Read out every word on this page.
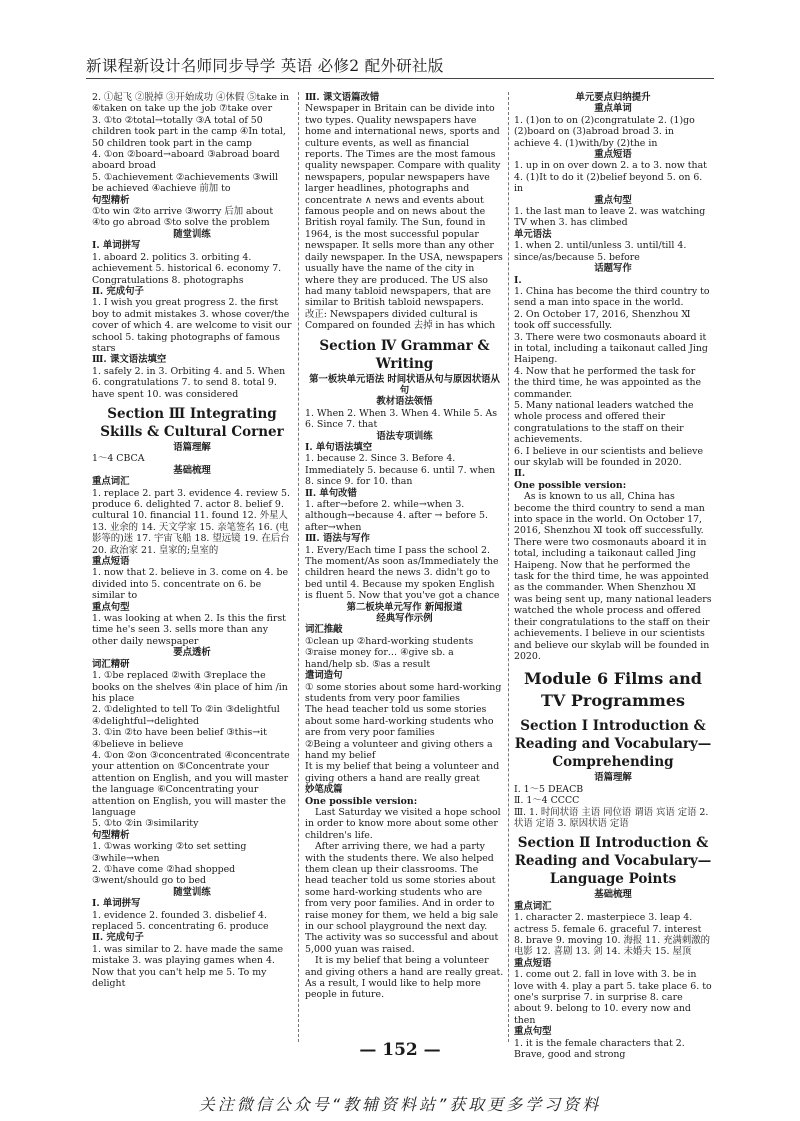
新课程新设计名师同步导学 英语 必修2 配外研社版
2. ①起飞 ②脱掉 ③开始成功 ④休假 ⑤take in ⑥taken on take up the job ⑦take over
3. ①to ②total→totally ③A total of 50 children took part in the camp ④In total, 50 children took part in the camp
4. ①on ②board→aboard ③abroad board aboard broad
5. ①achievement ②achievements ③will be achieved ④achieve 前加 to
句型精析
①to win ②to arrive ③worry 后加 about ④to go abroad ⑤to solve the problem
随堂训练
Ⅰ. 单词拼写
1. aboard 2. politics 3. orbiting 4. achievement 5. historical 6. economy 7. Congratulations 8. photographs
Ⅱ. 完成句子
1. I wish you great progress 2. the first boy to admit mistakes 3. whose cover/the cover of which 4. are welcome to visit our school 5. taking photographs of famous stars
Ⅲ. 课文语法填空
1. safely 2. in 3. Orbiting 4. and 5. When 6. congratulations 7. to send 8. total 9. have spent 10. was considered
Section Ⅲ Integrating Skills & Cultural Corner
语篇理解
1～4 CBCA
基础梳理
重点词汇
1. replace 2. part 3. evidence 4. review 5. produce 6. delighted 7. actor 8. belief 9. cultural 10. financial 11. found 12. 外星人 13. 业余的 14. 天文学家 15. 亲笔签名 16. (电影等的)迷 17. 宇宙飞船 18. 望远镜 19. 在后台 20. 政治家 21. 皇家的;皇室的
重点短语
1. now that 2. believe in 3. come on 4. be divided into 5. concentrate on 6. be similar to
重点句型
1. was looking at when 2. Is this the first time he's seen 3. sells more than any other daily newspaper
要点透析
词汇精研
1. ①be replaced ②with ③replace the books on the shelves ④in place of him /in his place
2. ①delighted to tell To ②in ③delightful ④delightful→delighted
3. ①in ②to have been belief ③this→it ④believe in believe
4. ①on ②on ③concentrated ④concentrate your attention on ⑤Concentrate your attention on English, and you will master the language ⑥Concentrating your attention on English, you will master the language
5. ①to ②in ③similarity
句型精析
1. ①was working ②to set setting ③while→when
2. ①have come ②had shopped ③went/should go to bed
随堂训练
Ⅰ. 单词拼写
1. evidence 2. founded 3. disbelief 4. replaced 5. concentrating 6. produce
Ⅱ. 完成句子
1. was similar to 2. have made the same mistake 3. was playing games when 4. Now that you can't help me 5. To my delight
Ⅲ. 课文语篇改错
Newspaper in Britain can be divide into two types. Quality newspapers have home and international news, sports and culture events, as well as financial reports. The Times are the most famous quality newspaper. Compare with quality newspapers, popular newspapers have larger headlines, photographs and concentrate ∧ news and events about famous people and on news about the British royal family. The Sun, found in 1964, is the most successful popular newspaper. It sells more than any other daily newspaper. In the USA, newspapers usually have the name of the city in where they are produced. The US also had many tabloid newspapers, that are similar to British tabloid newspapers.
改正: Newspapers divided cultural is Compared on founded 去掉 in has which
Section Ⅳ Grammar & Writing
第一板块单元语法 时间状语从句与原因状语从句
教材语法领悟
1. When 2. When 3. When 4. While 5. As 6. Since 7. that
语法专项训练
Ⅰ. 单句语法填空
1. because 2. Since 3. Before 4. Immediately 5. because 6. until 7. when 8. since 9. for 10. than
Ⅱ. 单句改错
1. after→before 2. while→when 3. although→because 4. after → before 5. after→when
Ⅲ. 语法与写作
1. Every/Each time I pass the school 2. The moment/As soon as/Immediately the children heard the news 3. didn't go to bed until 4. Because my spoken English is fluent 5. Now that you've got a chance
第二板块单元写作 新闻报道
经典写作示例
词汇推敲
①clean up ②hard-working students ③raise money for… ④give sb. a hand/help sb. ⑤as a result
遣词造句
① some stories about some hard-working students from very poor families
The head teacher told us some stories about some hard-working students who are from very poor families
②Being a volunteer and giving others a hand my belief
It is my belief that being a volunteer and giving others a hand are really great
妙笔成篇
One possible version:
Last Saturday we visited a hope school in order to know more about some other children's life.
After arriving there, we had a party with the students there. We also helped them clean up their classrooms. The head teacher told us some stories about some hard-working students who are from very poor families. And in order to raise money for them, we held a big sale in our school playground the next day. The activity was so successful and about 5,000 yuan was raised.
It is my belief that being a volunteer and giving others a hand are really great. As a result, I would like to help more people in future.
单元要点归纳提升
重点单词
1. (1)on to on (2)congratulate 2. (1)go (2)board on (3)abroad broad 3. in achieve 4. (1)with/by (2)the in
重点短语
1. up in on over down 2. a to 3. now that 4. (1)It to do it (2)belief beyond 5. on 6. in
重点句型
1. the last man to leave 2. was watching TV when 3. has climbed
单元语法
1. when 2. until/unless 3. until/till 4. since/as/because 5. before
话题写作
Ⅰ.
1. China has become the third country to send a man into space in the world.
2. On October 17, 2016, Shenzhou Ⅺ took off successfully.
3. There were two cosmonauts aboard it in total, including a taikonaut called Jing Haipeng.
4. Now that he performed the task for the third time, he was appointed as the commander.
5. Many national leaders watched the whole process and offered their congratulations to the staff on their achievements.
6. I believe in our scientists and believe our skylab will be founded in 2020.
Ⅱ.
One possible version:
As is known to us all, China has become the third country to send a man into space in the world. On October 17, 2016, Shenzhou Ⅺ took off successfully. There were two cosmonauts aboard it in total, including a taikonaut called Jing Haipeng. Now that he performed the task for the third time, he was appointed as the commander. When Shenzhou Ⅺ was being sent up, many national leaders watched the whole process and offered their congratulations to the staff on their achievements. I believe in our scientists and believe our skylab will be founded in 2020.
Module 6 Films and TV Programmes
Section Ⅰ Introduction & Reading and Vocabulary—Comprehending
语篇理解
Ⅰ. 1～5 DEACB
Ⅱ. 1～4 CCCC
Ⅲ. 1. 时间状语 主语 同位语 谓语 宾语 定语 2. 状语 定语 3. 原因状语 定语
Section Ⅱ Introduction & Reading and Vocabulary—Language Points
基础梳理
重点词汇
1. character 2. masterpiece 3. leap 4. actress 5. female 6. graceful 7. interest 8. brave 9. moving 10. 海报 11. 充满刺激的电影 12. 喜剧 13. 剑 14. 未婚夫 15. 屋顶
重点短语
1. come out 2. fall in love with 3. be in love with 4. play a part 5. take place 6. to one's surprise 7. in surprise 8. care about 9. belong to 10. every now and then
重点句型
1. it is the female characters that 2. Brave, good and strong
— 152 —
关注微信公众号“教辅资料站”获取更多学习资料
